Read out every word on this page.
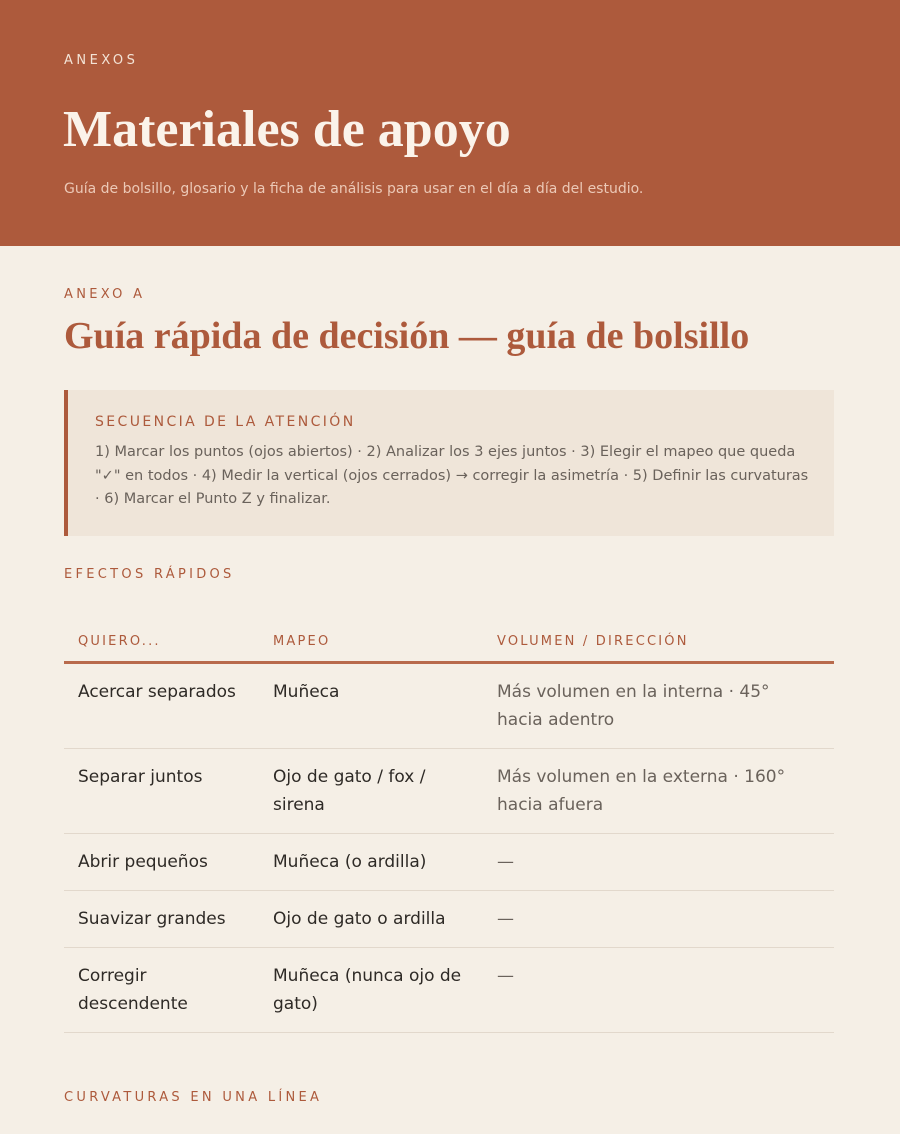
ANEXOS
Materiales de apoyo
Guía de bolsillo, glosario y la ficha de análisis para usar en el día a día del estudio.
ANEXO A
Guía rápida de decisión — guía de bolsillo
SECUENCIA DE LA ATENCIÓN
1) Marcar los puntos (ojos abiertos) · 2) Analizar los 3 ejes juntos · 3) Elegir el mapeo que queda "✓" en todos · 4) Medir la vertical (ojos cerrados) → corregir la asimetría · 5) Definir las curvaturas · 6) Marcar el Punto Z y finalizar.
EFECTOS RÁPIDOS
QUIERO...	MAPEO	VOLUMEN / DIRECCIÓN
Acercar separados	Muñeca	Más volumen en la interna · 45° hacia adentro
Separar juntos	Ojo de gato / fox / sirena	Más volumen en la externa · 160° hacia afuera
Abrir pequeños	Muñeca (o ardilla)	—
Suavizar grandes	Ojo de gato o ardilla	—
Corregir descendente	Muñeca (nunca ojo de gato)	—
CURVATURAS EN UNA LÍNEA
